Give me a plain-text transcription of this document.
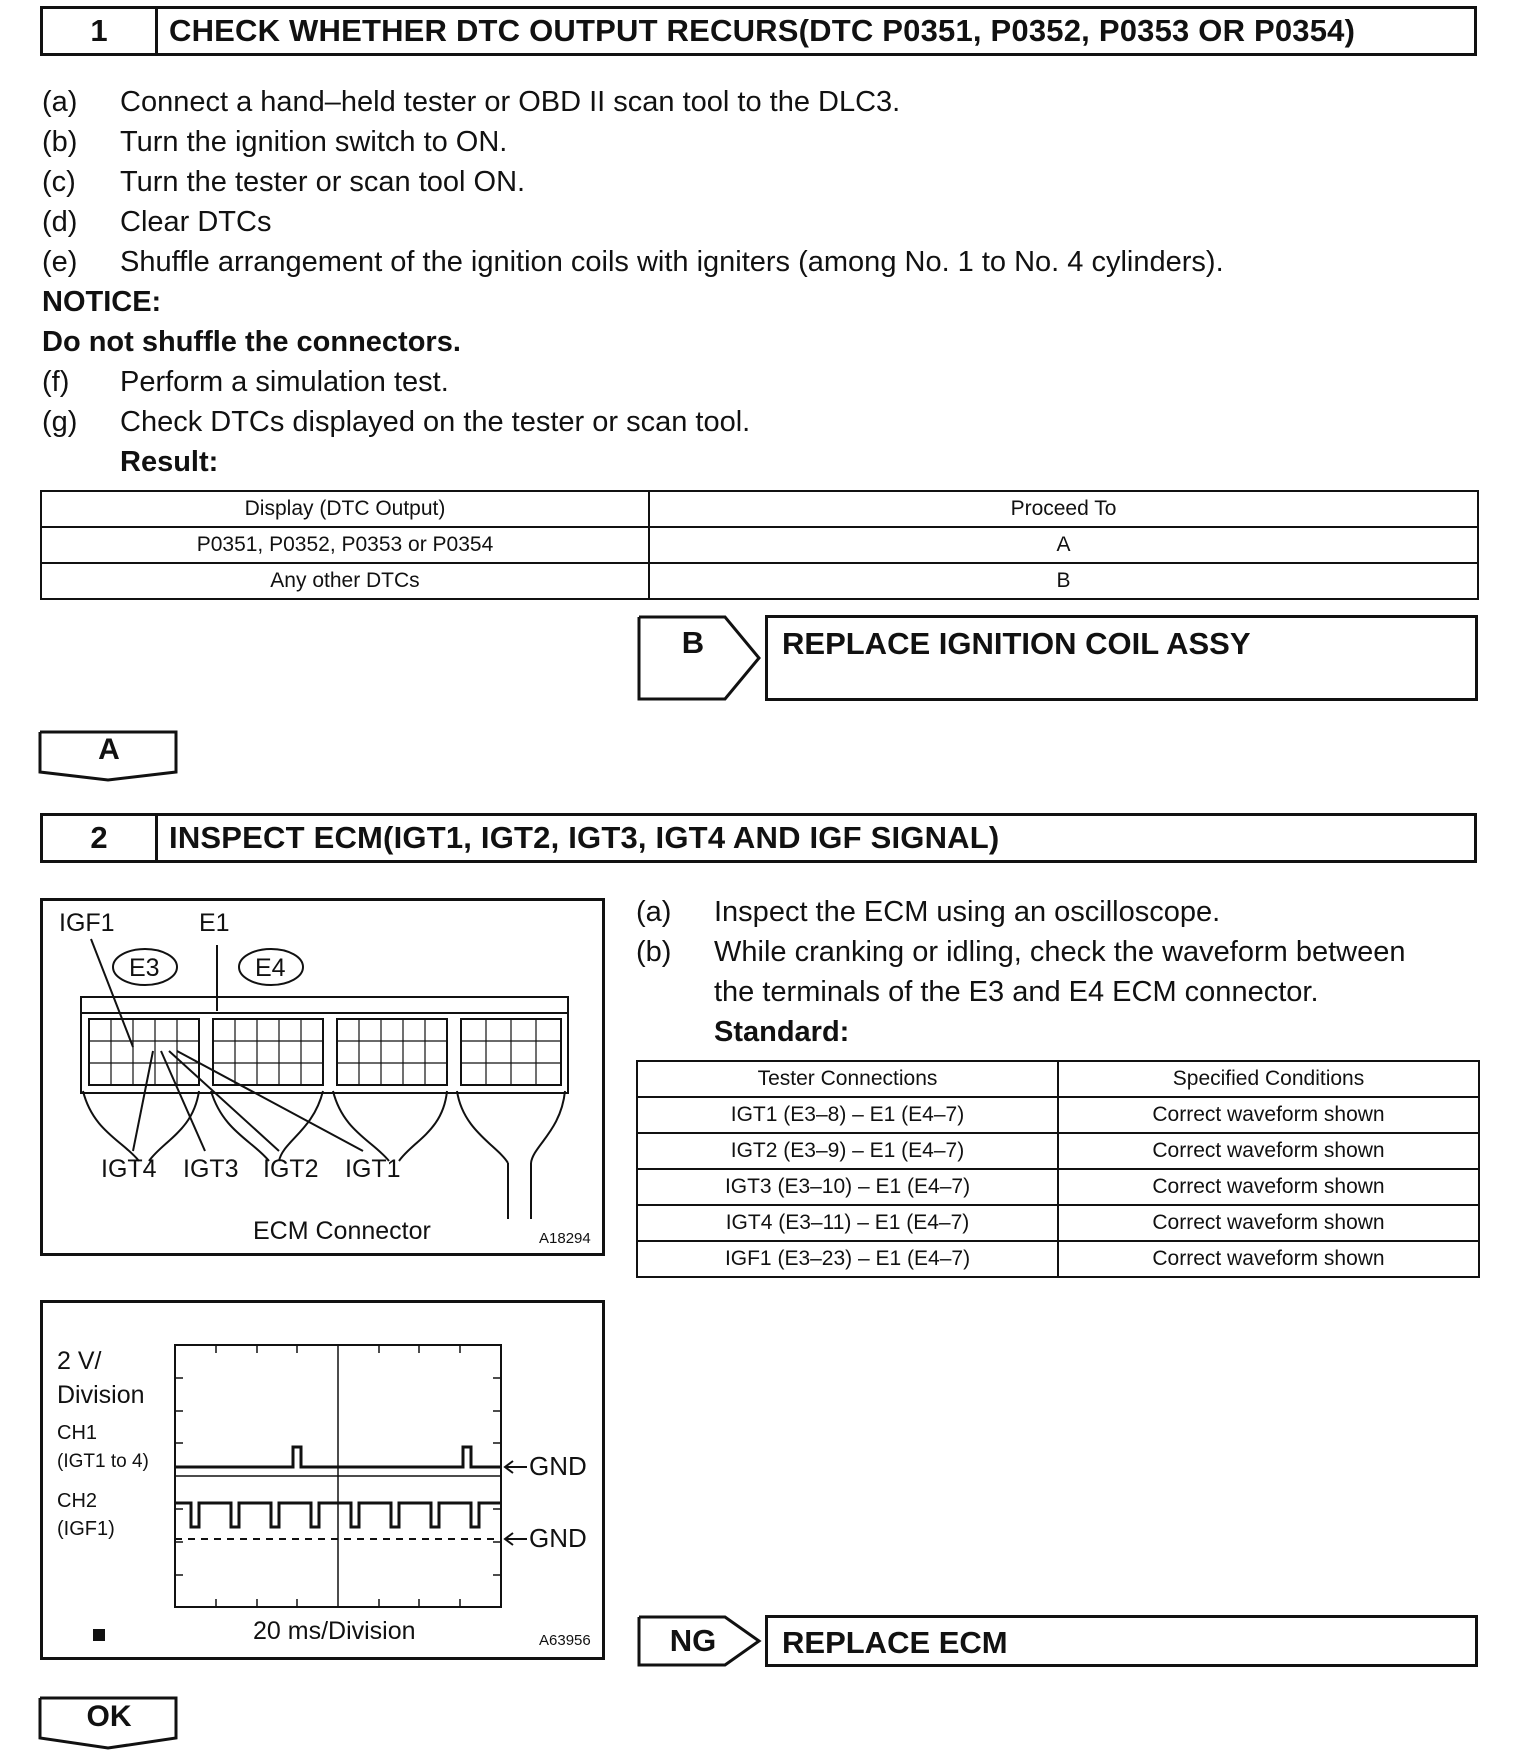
1	CHECK WHETHER DTC OUTPUT RECURS(DTC P0351, P0352, P0353 OR P0354)
(a) Connect a hand–held tester or OBD II scan tool to the DLC3.
(b) Turn the ignition switch to ON.
(c) Turn the tester or scan tool ON.
(d) Clear DTCs
(e) Shuffle arrangement of the ignition coils with igniters (among No. 1 to No. 4 cylinders).
NOTICE:
Do not shuffle the connectors.
(f) Perform a simulation test.
(g) Check DTCs displayed on the tester or scan tool.
Result:
Display (DTC Output)	Proceed To
P0351, P0352, P0353 or P0354	A
Any other DTCs	B
B	REPLACE IGNITION COIL ASSY
A
2	INSPECT ECM(IGT1, IGT2, IGT3, IGT4 AND IGF SIGNAL)
IGF1	E1
E3	E4
IGT4 IGT3 IGT2 IGT1
ECM Connector	A18294
(a) Inspect the ECM using an oscilloscope.
(b) While cranking or idling, check the waveform between
the terminals of the E3 and E4 ECM connector.
Standard:
Tester Connections	Specified Conditions
IGT1 (E3–8) – E1 (E4–7)	Correct waveform shown
IGT2 (E3–9) – E1 (E4–7)	Correct waveform shown
IGT3 (E3–10) – E1 (E4–7)	Correct waveform shown
IGT4 (E3–11) – E1 (E4–7)	Correct waveform shown
IGF1 (E3–23) – E1 (E4–7)	Correct waveform shown
2 V/
Division
CH1
(IGT1 to 4)
CH2
(IGF1)
GND
GND
20 ms/Division	A63956	NG	REPLACE ECM
OK
